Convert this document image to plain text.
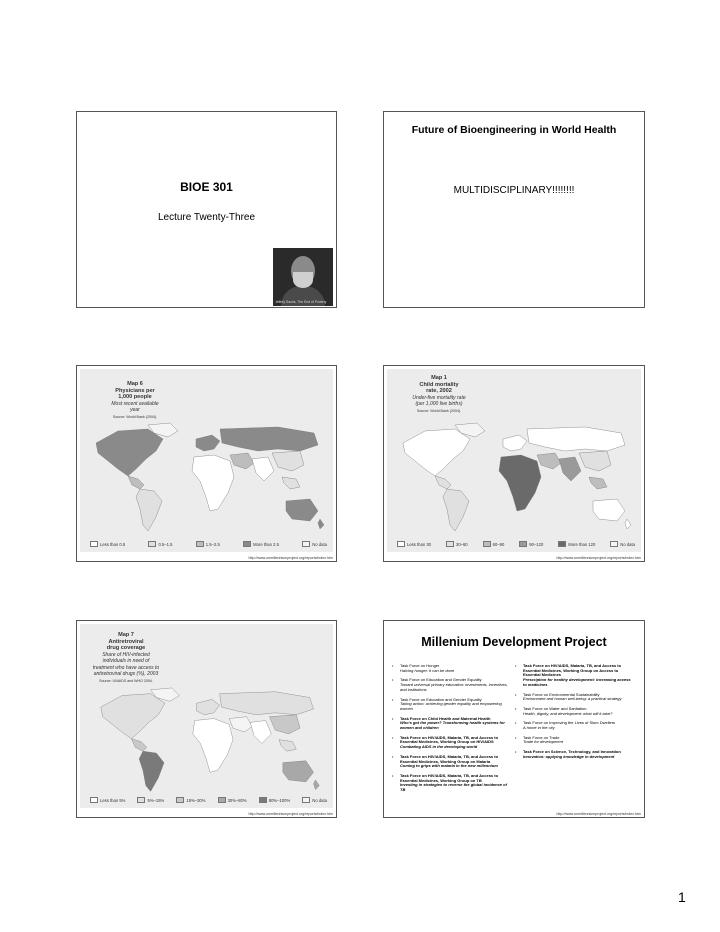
BIOE 301
Lecture Twenty-Three
Jeffrey Sachs, The End of Poverty
Future of Bioengineering in World Health
MULTIDISCIPLINARY!!!!!!!!
Map 6
Physicians per
1,000 people
Most recent available year
Source: World Bank (2004).
Less than 0.5	0.5–1.5	1.5–2.5	More than 2.5	No data
http://www.unmillenniumproject.org/reports/index.htm
Map 1
Child mortality
rate, 2002
Under-five mortality rate (per 1,000 live births)
Source: World Bank (2004).
Less than 30	30–60	60–90	90–120	More than 120	No data
http://www.unmillenniumproject.org/reports/index.htm
Map 7
Antiretroviral
drug coverage
Share of HIV-infected individuals in need of treatment who have access to antiretroviral drugs (%), 2003
Source: UNAIDS and WHO 2004.
Less than 5%	5%–15%	15%–30%	30%–80%	80%–100%	No data
http://www.unmillenniumproject.org/reports/index.htm
Millenium Development Project
• Task Force on Hunger
Halving hunger: it can be done
• Task Force on Education and Gender Equality
Toward universal primary education: investments, incentives, and institutions
• Task Force on Education and Gender Equality
Taking action: achieving gender equality and empowering women
• Task Force on Child Health and Maternal Health
Who's got the power? Transforming health systems for women and children
• Task Force on HIV/AIDS, Malaria, TB, and Access to Essential Medicines, Working Group on HIV/AIDS
Combating AIDS in the developing world
• Task Force on HIV/AIDS, Malaria, TB, and Access to Essential Medicines, Working Group on Malaria
Coming to grips with malaria in the new millennium
• Task Force on HIV/AIDS, Malaria, TB, and Access to Essential Medicines, Working Group on TB
Investing in strategies to reverse the global incidence of TB
• Task Force on HIV/AIDS, Malaria, TB, and Access to Essential Medicines, Working Group on Access to Essential Medicines
Prescription for healthy development: increasing access to medicines
• Task Force on Environmental Sustainability
Environment and human well-being: a practical strategy
• Task Force on Water and Sanitation
Health, dignity, and development: what will it take?
• Task Force on Improving the Lives of Slum Dwellers
A home in the city
• Task Force on Trade
Trade for development
• Task Force on Science, Technology, and Innovation
Innovation: applying knowledge in development
http://www.unmillenniumproject.org/reports/index.htm
1
